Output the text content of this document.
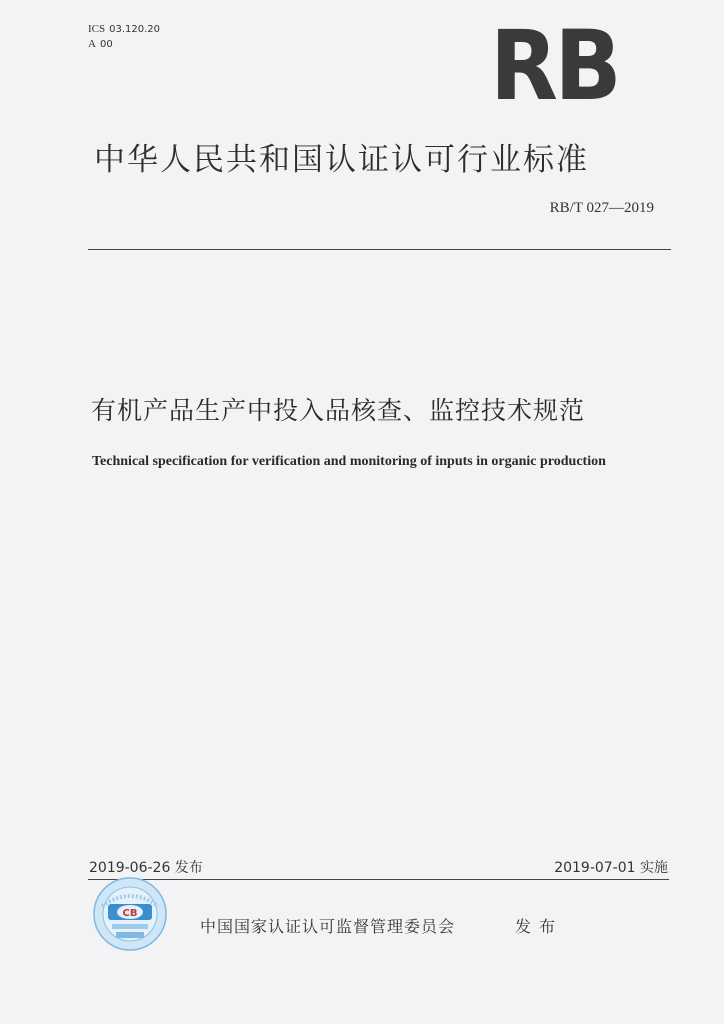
ICS 03.120.20
A 00	RB
中华人民共和国认证认可行业标准
RB/T 027—2019
有机产品生产中投入品核查、监控技术规范
Technical specification for verification and monitoring of inputs in organic production
2019-06-26 发布	2019-07-01 实施
CB
中国国家认证认可监督管理委员会	发布
